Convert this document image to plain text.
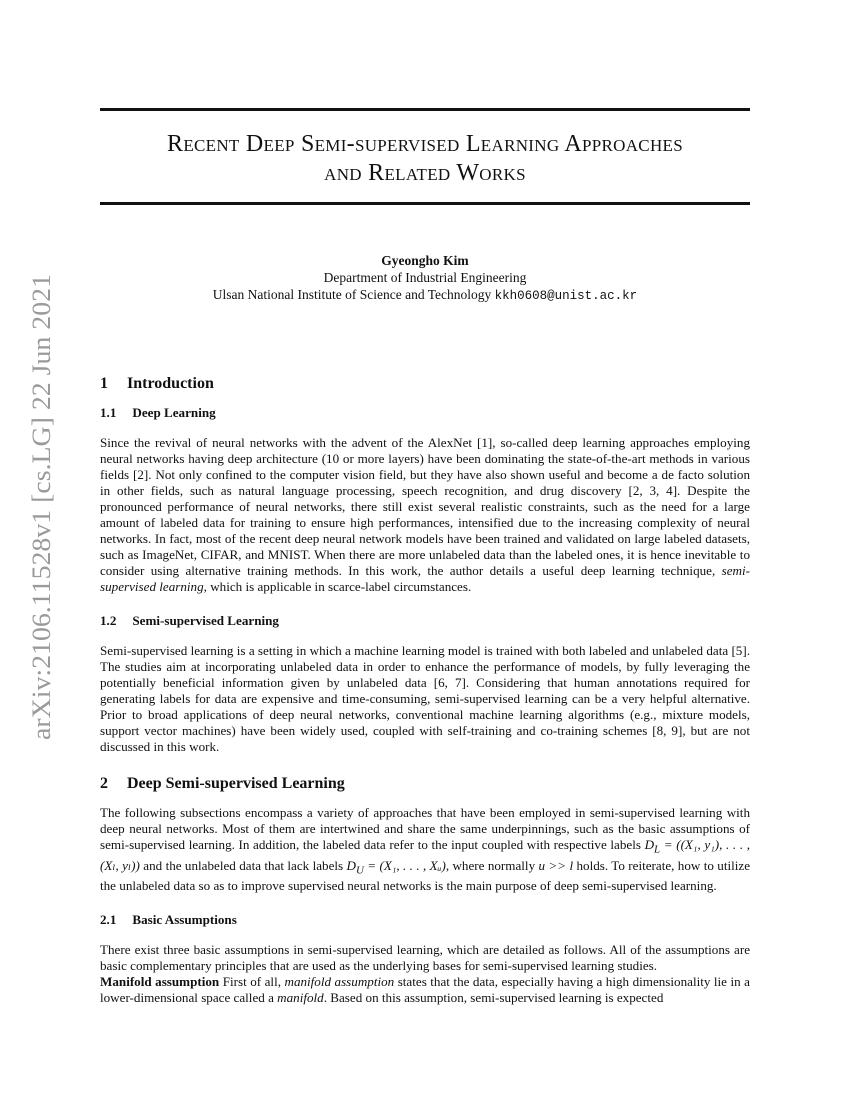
arXiv:2106.11528v1 [cs.LG] 22 Jun 2021
Recent Deep Semi-supervised Learning Approaches
and Related Works
Gyeongho Kim
Department of Industrial Engineering
Ulsan National Institute of Science and Technology kkh0608@unist.ac.kr
1 Introduction
1.1 Deep Learning

Since the revival of neural networks with the advent of the AlexNet [1], so-called deep learning approaches employing neural networks having deep architecture (10 or more layers) have been dominating the state-of-the-art methods in various fields [2]. Not only confined to the computer vision field, but they have also shown useful and become a de facto solution in other fields, such as natural language processing, speech recognition, and drug discovery [2, 3, 4]. Despite the pronounced performance of neural networks, there still exist several realistic constraints, such as the need for a large amount of labeled data for training to ensure high performances, intensified due to the increasing complexity of neural networks. In fact, most of the recent deep neural network models have been trained and validated on large labeled datasets, such as ImageNet, CIFAR, and MNIST. When there are more unlabeled data than the labeled ones, it is hence inevitable to consider using alternative training methods. In this work, the author details a useful deep learning technique, semi-supervised learning, which is applicable in scarce-label circumstances.

1.2 Semi-supervised Learning

Semi-supervised learning is a setting in which a machine learning model is trained with both labeled and unlabeled data [5]. The studies aim at incorporating unlabeled data in order to enhance the performance of models, by fully leveraging the potentially beneficial information given by unlabeled data [6, 7]. Considering that human annotations required for generating labels for data are expensive and time-consuming, semi-supervised learning can be a very helpful alternative. Prior to broad applications of deep neural networks, conventional machine learning algorithms (e.g., mixture models, support vector machines) have been widely used, coupled with self-training and co-training schemes [8, 9], but are not discussed in this work.

2 Deep Semi-supervised Learning

The following subsections encompass a variety of approaches that have been employed in semi-supervised learning with deep neural networks. Most of them are intertwined and share the same underpinnings, such as the basic assumptions of semi-supervised learning. In addition, the labeled data refer to the input coupled with respective labels $D_L = ((X_1$, y₁), . . . , (Xₗ, yₗ)) and the unlabeled data that lack labels $D_U = (X_1$, . . . , Xᵤ), where normally u >> l holds. To reiterate, how to utilize the unlabeled data so as to improve supervised neural networks is the main purpose of deep semi-supervised learning.

2.1 Basic Assumptions

There exist three basic assumptions in semi-supervised learning, which are detailed as follows. All of the assumptions are basic complementary principles that are used as the underlying bases for semi-supervised learning studies.

Manifold assumption First of all, manifold assumption states that the data, especially having a high dimensionality lie in a lower-dimensional space called a manifold. Based on this assumption, semi-supervised learning is expected
